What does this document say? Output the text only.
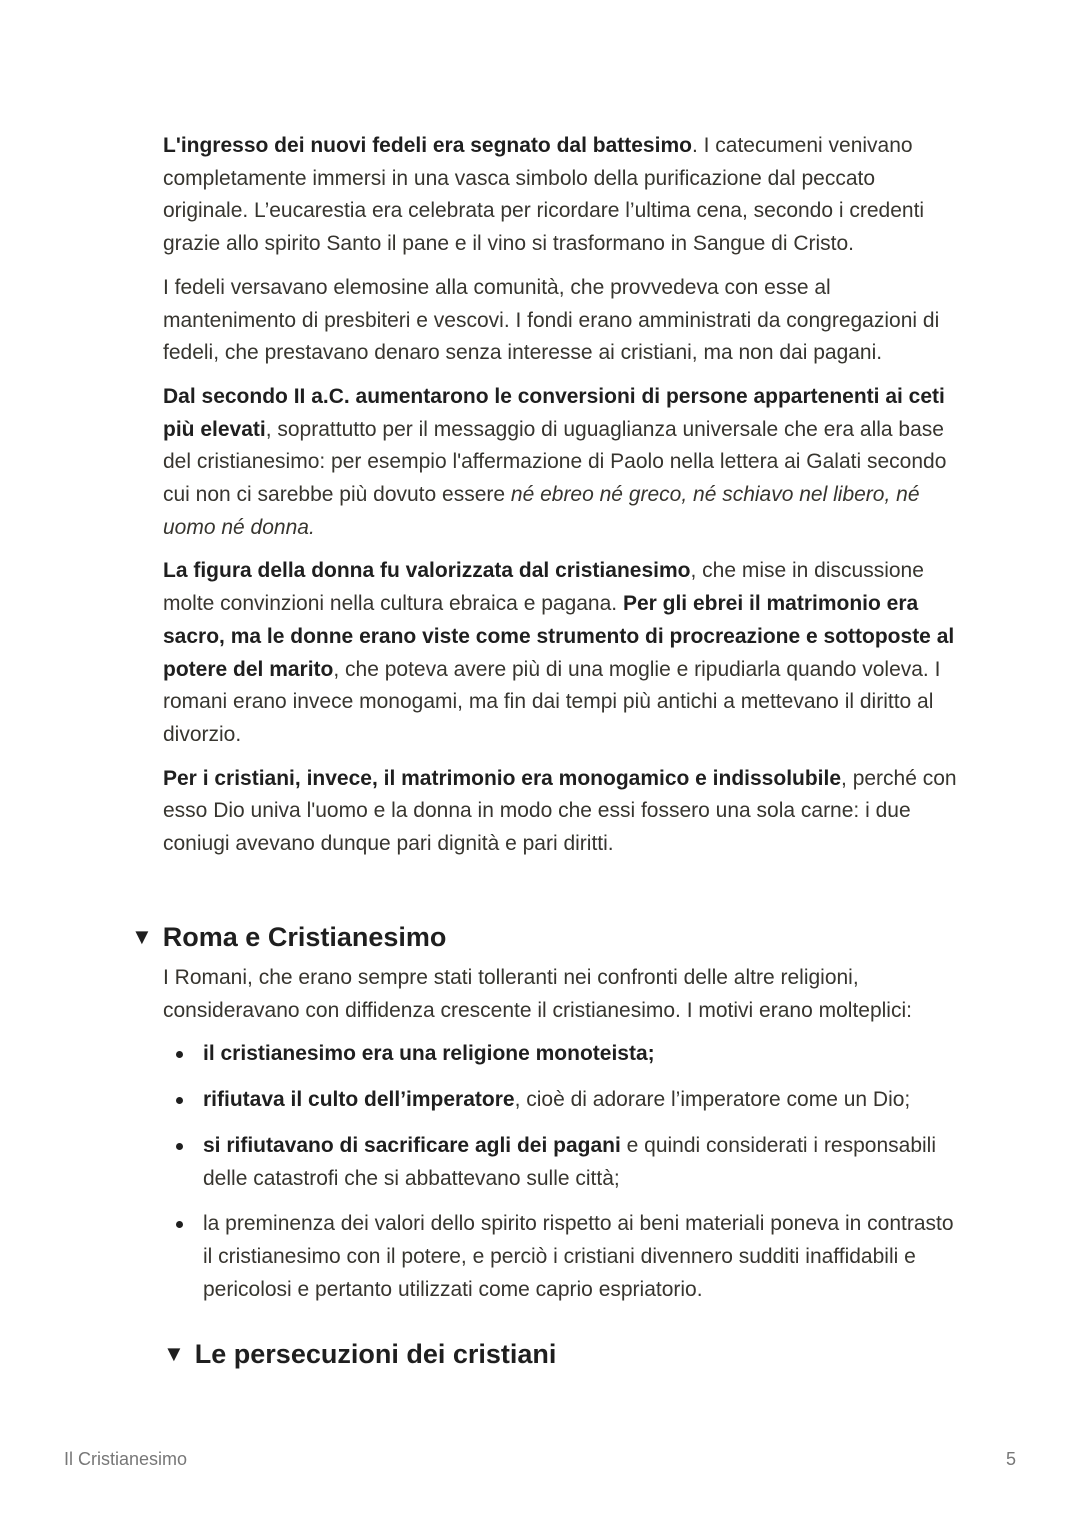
L'ingresso dei nuovi fedeli era segnato dal battesimo. I catecumeni venivano completamente immersi in una vasca simbolo della purificazione dal peccato originale. L’eucarestia era celebrata per ricordare l’ultima cena, secondo i credenti grazie allo spirito Santo il pane e il vino si trasformano in Sangue di Cristo.

I fedeli versavano elemosine alla comunità, che provvedeva con esse al mantenimento di presbiteri e vescovi. I fondi erano amministrati da congregazioni di fedeli, che prestavano denaro senza interesse ai cristiani, ma non dai pagani.

Dal secondo II a.C. aumentarono le conversioni di persone appartenenti ai ceti più elevati, soprattutto per il messaggio di uguaglianza universale che era alla base del cristianesimo: per esempio l'affermazione di Paolo nella lettera ai Galati secondo cui non ci sarebbe più dovuto essere né ebreo né greco, né schiavo nel libero, né uomo né donna.

La figura della donna fu valorizzata dal cristianesimo, che mise in discussione molte convinzioni nella cultura ebraica e pagana. Per gli ebrei il matrimonio era sacro, ma le donne erano viste come strumento di procreazione e sottoposte al potere del marito, che poteva avere più di una moglie e ripudiarla quando voleva. I romani erano invece monogami, ma fin dai tempi più antichi a mettevano il diritto al divorzio.

Per i cristiani, invece, il matrimonio era monogamico e indissolubile, perché con esso Dio univa l'uomo e la donna in modo che essi fossero una sola carne: i due coniugi avevano dunque pari dignità e pari diritti.

▼ Roma e Cristianesimo

I Romani, che erano sempre stati tolleranti nei confronti delle altre religioni, consideravano con diffidenza crescente il cristianesimo. I motivi erano molteplici:

il cristianesimo era una religione monoteista;
rifiutava il culto dell’imperatore, cioè di adorare l’imperatore come un Dio;
si rifiutavano di sacrificare agli dei pagani e quindi considerati i responsabili delle catastrofi che si abbattevano sulle città;
la preminenza dei valori dello spirito rispetto ai beni materiali poneva in contrasto il cristianesimo con il potere, e perciò i cristiani divennero sudditi inaffidabili e pericolosi e pertanto utilizzati come caprio espriatorio.
▼ Le persecuzioni dei cristiani
Il Cristianesimo	5
